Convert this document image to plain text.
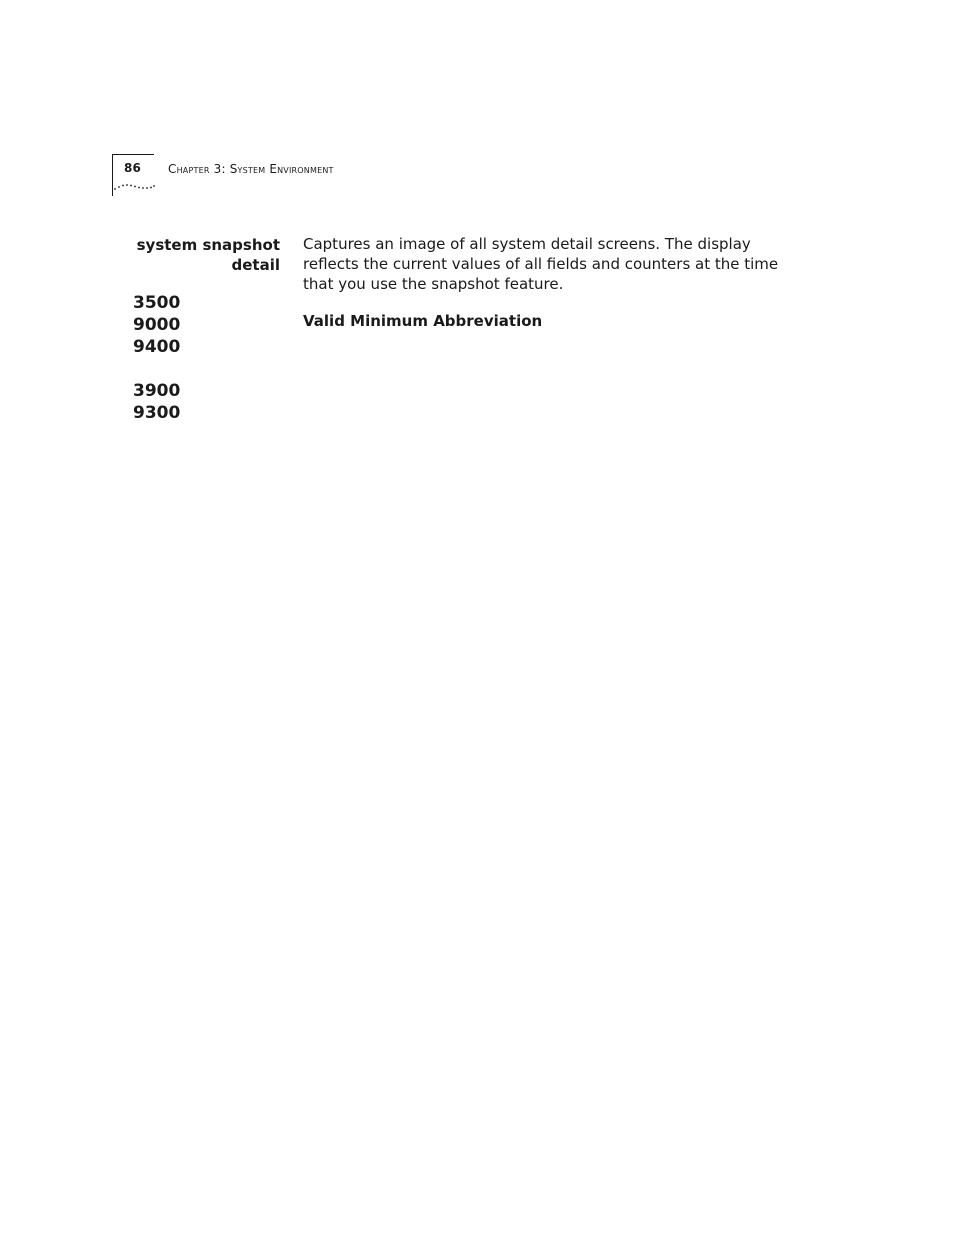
86 Chapter 3: System Environment
system snapshot
detail

Captures an image of all system detail screens. The display reflects the current values of all fields and counters at the time that you use the snapshot feature.

Valid Minimum Abbreviation
3500
9000
9400
3900
9300
